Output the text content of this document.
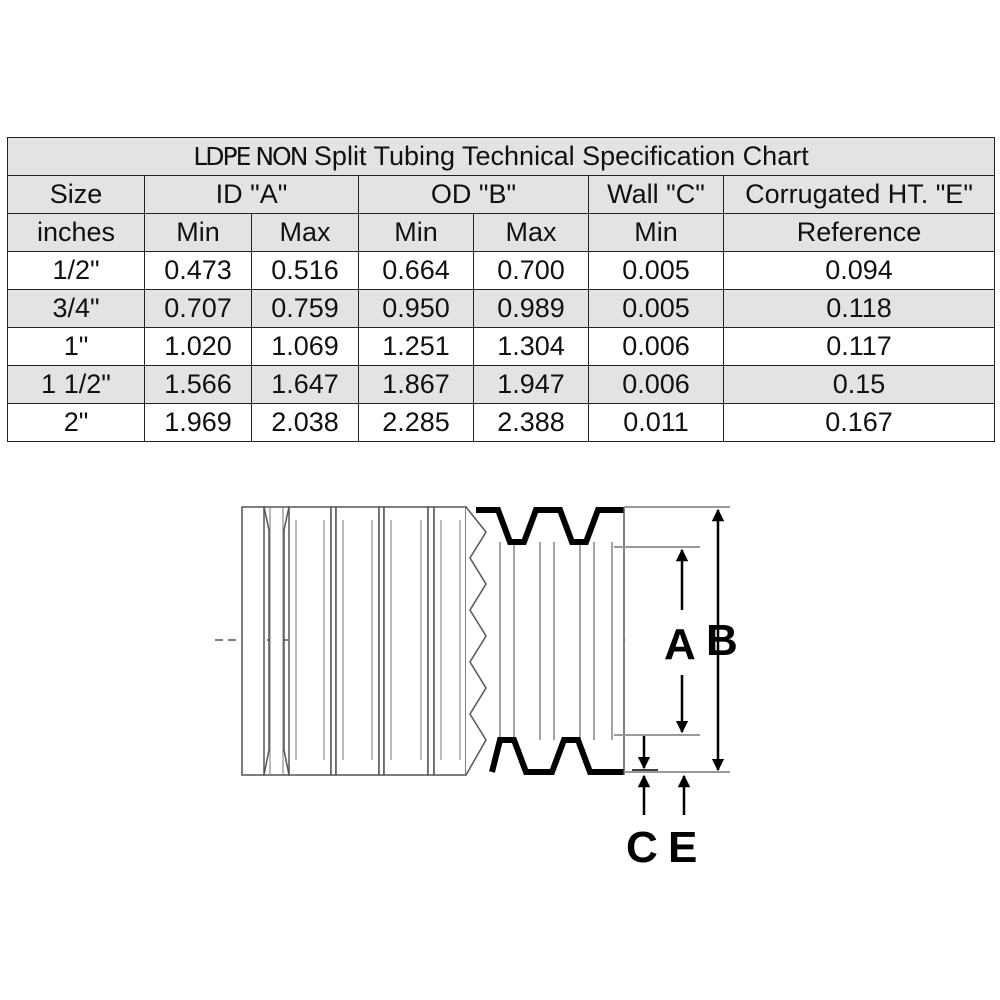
LDPE NON Split Tubing Technical Specification Chart						
Size	ID "A"		OD "B"		Wall "C"	Corrugated HT. "E"
inches	Min	Max	Min	Max	Min	Reference
1/2"	0.473	0.516	0.664	0.700	0.005	0.094
3/4"	0.707	0.759	0.950	0.989	0.005	0.118
1"	1.020	1.069	1.251	1.304	0.006	0.117
1 1/2"	1.566	1.647	1.867	1.947	0.006	0.15
2"	1.969	2.038	2.285	2.388	0.011	0.167
A B
C E
